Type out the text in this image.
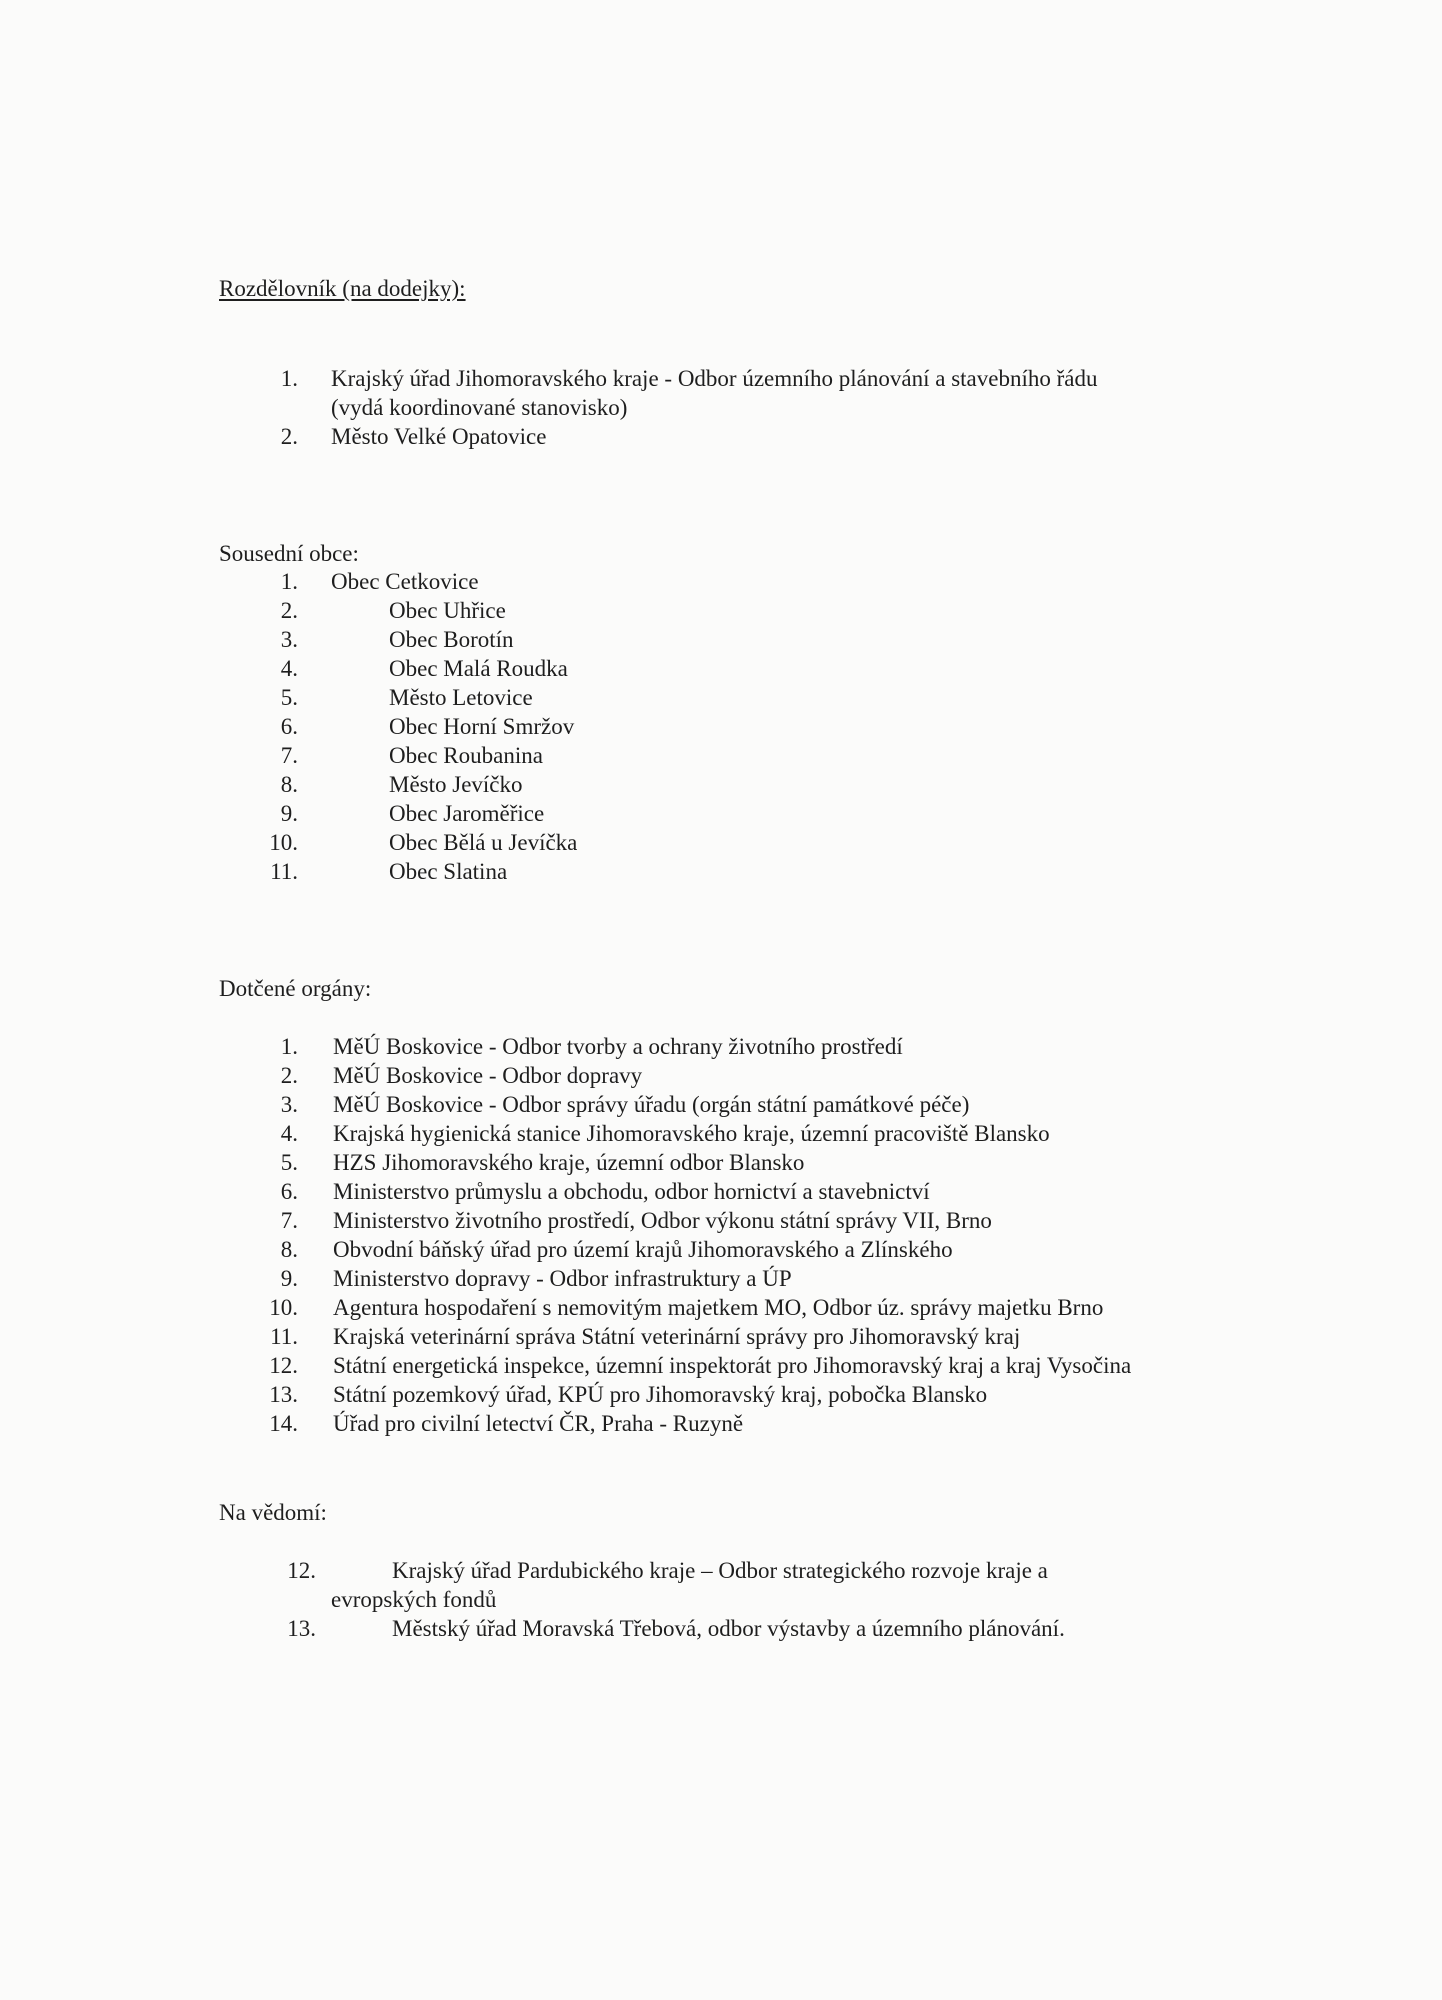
Rozdělovník (na dodejky):
1. Krajský úřad Jihomoravského kraje - Odbor územního plánování a stavebního řádu
(vydá koordinované stanovisko)
2. Město Velké Opatovice
Sousední obce:
1. Obec Cetkovice
2.	Obec Uhřice
3.	Obec Borotín
4.	Obec Malá Roudka
5.	Město Letovice
6.	Obec Horní Smržov
7.	Obec Roubanina
8.	Město Jevíčko
9.	Obec Jaroměřice
10.	Obec Bělá u Jevíčka
11.	Obec Slatina
Dotčené orgány:
1. MěÚ Boskovice - Odbor tvorby a ochrany životního prostředí
2. MěÚ Boskovice - Odbor dopravy
3. MěÚ Boskovice - Odbor správy úřadu (orgán státní památkové péče)
4. Krajská hygienická stanice Jihomoravského kraje, územní pracoviště Blansko
5. HZS Jihomoravského kraje, územní odbor Blansko
6. Ministerstvo průmyslu a obchodu, odbor hornictví a stavebnictví
7. Ministerstvo životního prostředí, Odbor výkonu státní správy VII, Brno
8. Obvodní báňský úřad pro území krajů Jihomoravského a Zlínského
9. Ministerstvo dopravy - Odbor infrastruktury a ÚP
10. Agentura hospodaření s nemovitým majetkem MO, Odbor úz. správy majetku Brno
11. Krajská veterinární správa Státní veterinární správy pro Jihomoravský kraj
12. Státní energetická inspekce, územní inspektorát pro Jihomoravský kraj a kraj Vysočina
13. Státní pozemkový úřad, KPÚ pro Jihomoravský kraj, pobočka Blansko
14. Úřad pro civilní letectví ČR, Praha - Ruzyně
Na vědomí:
12.	Krajský úřad Pardubického kraje – Odbor strategického rozvoje kraje a
evropských fondů
13.	Městský úřad Moravská Třebová, odbor výstavby a územního plánování.
